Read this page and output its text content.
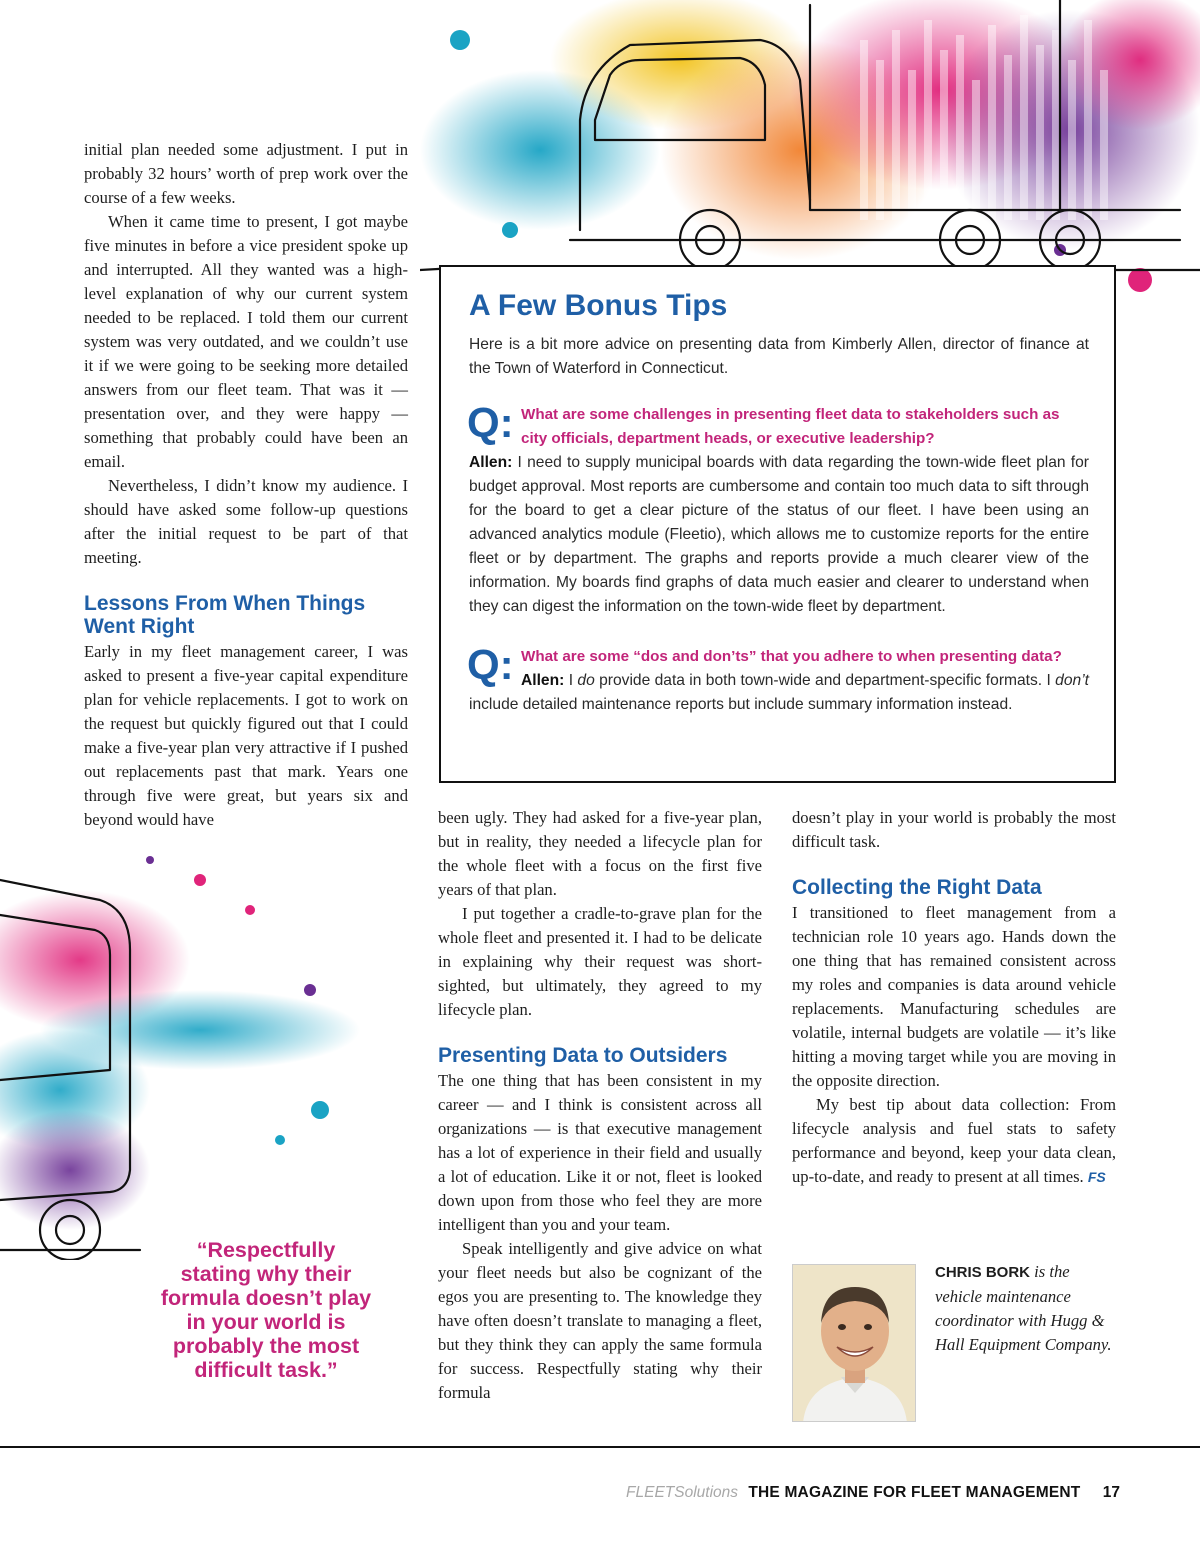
initial plan needed some adjustment. I put in probably 32 hours’ worth of prep work over the course of a few weeks.

When it came time to present, I got maybe five minutes in before a vice president spoke up and interrupted. All they wanted was a high-level explanation of why our current system needed to be replaced. I told them our current system was very outdated, and we couldn’t use it if we were going to be seeking more detailed answers from our fleet team. That was it — presentation over, and they were happy — something that probably could have been an email.

Nevertheless, I didn’t know my audience. I should have asked some follow-up questions after the initial request to be part of that meeting.

Lessons From When Things Went Right

Early in my fleet management career, I was asked to present a five-year capital expenditure plan for vehicle replacements. I got to work on the request but quickly figured out that I could make a five-year plan very attractive if I pushed out replacements past that mark. Years one through five were great, but years six and beyond would have

A Few Bonus Tips

Here is a bit more advice on presenting data from Kimberly Allen, director of finance at the Town of Waterford in Connecticut.

Q: What are some challenges in presenting fleet data to stakeholders such as city officials, department heads, or executive leadership?

Allen: I need to supply municipal boards with data regarding the town-wide fleet plan for budget approval. Most reports are cumbersome and contain too much data to sift through for the board to get a clear picture of the status of our fleet. I have been using an advanced analytics module (Fleetio), which allows me to customize reports for the entire fleet or by department. The graphs and reports provide a much clearer view of the information. My boards find graphs of data much easier and clearer to understand when they can digest the information on the town-wide fleet by department.

Q: What are some “dos and don’ts” that you adhere to when presenting data?

Allen: I do provide data in both town-wide and department-specific formats. I don’t include detailed maintenance reports but include summary information instead.

been ugly. They had asked for a five-year plan, but in reality, they needed a lifecycle plan for the whole fleet with a focus on the first five years of that plan.

I put together a cradle-to-grave plan for the whole fleet and presented it. I had to be delicate in explaining why their request was short-sighted, but ultimately, they agreed to my lifecycle plan.

Presenting Data to Outsiders

The one thing that has been consistent in my career — and I think is consistent across all organizations — is that executive management has a lot of experience in their field and usually a lot of education. Like it or not, fleet is looked down upon from those who feel they are more intelligent than you and your team.

Speak intelligently and give advice on what your fleet needs but also be cognizant of the egos you are presenting to. The knowledge they have often doesn’t translate to managing a fleet, but they think they can apply the same formula for success. Respectfully stating why their formula

doesn’t play in your world is probably the most difficult task.

Collecting the Right Data

I transitioned to fleet management from a technician role 10 years ago. Hands down the one thing that has remained consistent across my roles and companies is data around vehicle replacements. Manufacturing schedules are volatile, internal budgets are volatile — it’s like hitting a moving target while you are moving in the opposite direction.

My best tip about data collection: From lifecycle analysis and fuel stats to safety performance and beyond, keep your data clean, up-to-date, and ready to present at all times. FS

“Respectfully stating why their formula doesn’t play in your world is probably the most difficult task.”
CHRIS BORK is the vehicle maintenance coordinator with Hugg & Hall Equipment Company.
FLEETSolutions THE MAGAZINE FOR FLEET MANAGEMENT 17
